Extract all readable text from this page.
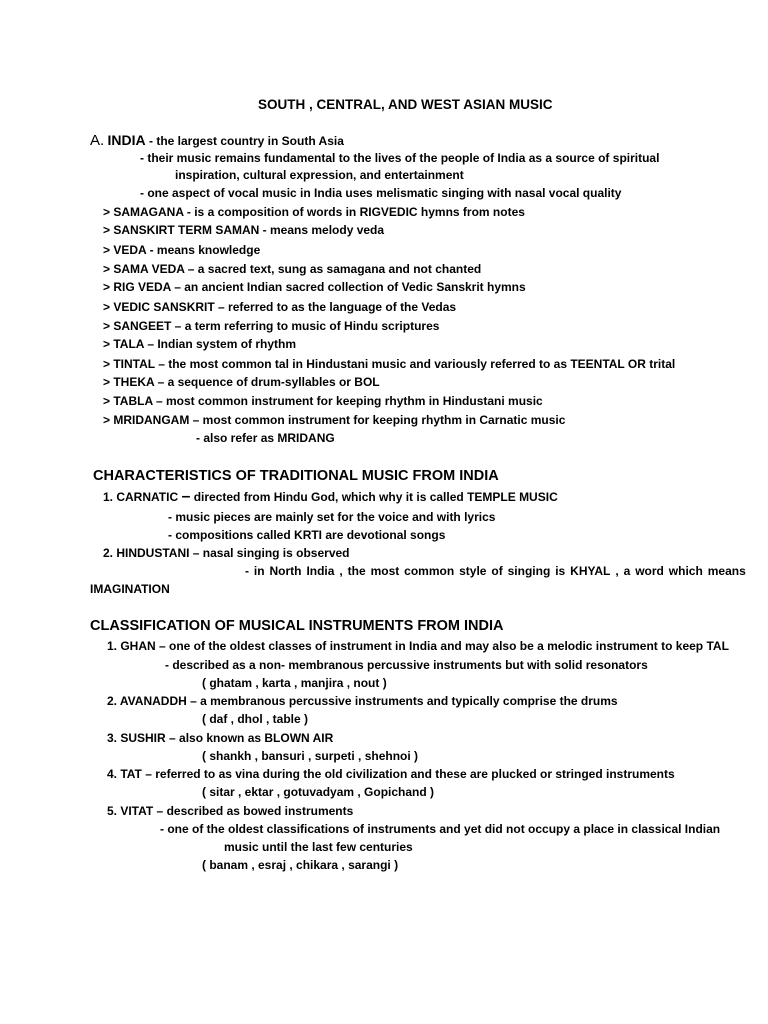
SOUTH , CENTRAL, AND WEST ASIAN MUSIC
A. INDIA - the largest country in South Asia
- their music remains fundamental to the lives of the people of India as a source of spiritual
inspiration, cultural expression, and entertainment
- one aspect of vocal music in India uses melismatic singing with nasal vocal quality
> SAMAGANA - is a composition of words in RIGVEDIC hymns from notes
> SANSKIRT TERM SAMAN - means melody veda
> VEDA - means knowledge
> SAMA VEDA – a sacred text, sung as samagana and not chanted
> RIG VEDA – an ancient Indian sacred collection of Vedic Sanskrit hymns
> VEDIC SANSKRIT – referred to as the language of the Vedas
> SANGEET – a term referring to music of Hindu scriptures
> TALA – Indian system of rhythm
> TINTAL – the most common tal in Hindustani music and variously referred to as TEENTAL OR trital
> THEKA – a sequence of drum-syllables or BOL
> TABLA – most common instrument for keeping rhythm in Hindustani music
> MRIDANGAM – most common instrument for keeping rhythm in Carnatic music
- also refer as MRIDANG
CHARACTERISTICS OF TRADITIONAL MUSIC FROM INDIA
1. CARNATIC – directed from Hindu God, which why it is called TEMPLE MUSIC
- music pieces are mainly set for the voice and with lyrics
- compositions called KRTI are devotional songs
2. HINDUSTANI – nasal singing is observed
- in North India , the most common style of singing is KHYAL , a word which means
IMAGINATION
CLASSIFICATION OF MUSICAL INSTRUMENTS FROM INDIA
1. GHAN – one of the oldest classes of instrument in India and may also be a melodic instrument to keep TAL
- described as a non- membranous percussive instruments but with solid resonators
( ghatam , karta , manjira , nout )
2. AVANADDH – a membranous percussive instruments and typically comprise the drums
( daf , dhol , table )
3. SUSHIR – also known as BLOWN AIR
( shankh , bansuri , surpeti , shehnoi )
4. TAT – referred to as vina during the old civilization and these are plucked or stringed instruments
( sitar , ektar , gotuvadyam , Gopichand )
5. VITAT – described as bowed instruments
- one of the oldest classifications of instruments and yet did not occupy a place in classical Indian
music until the last few centuries
( banam , esraj , chikara , sarangi )
